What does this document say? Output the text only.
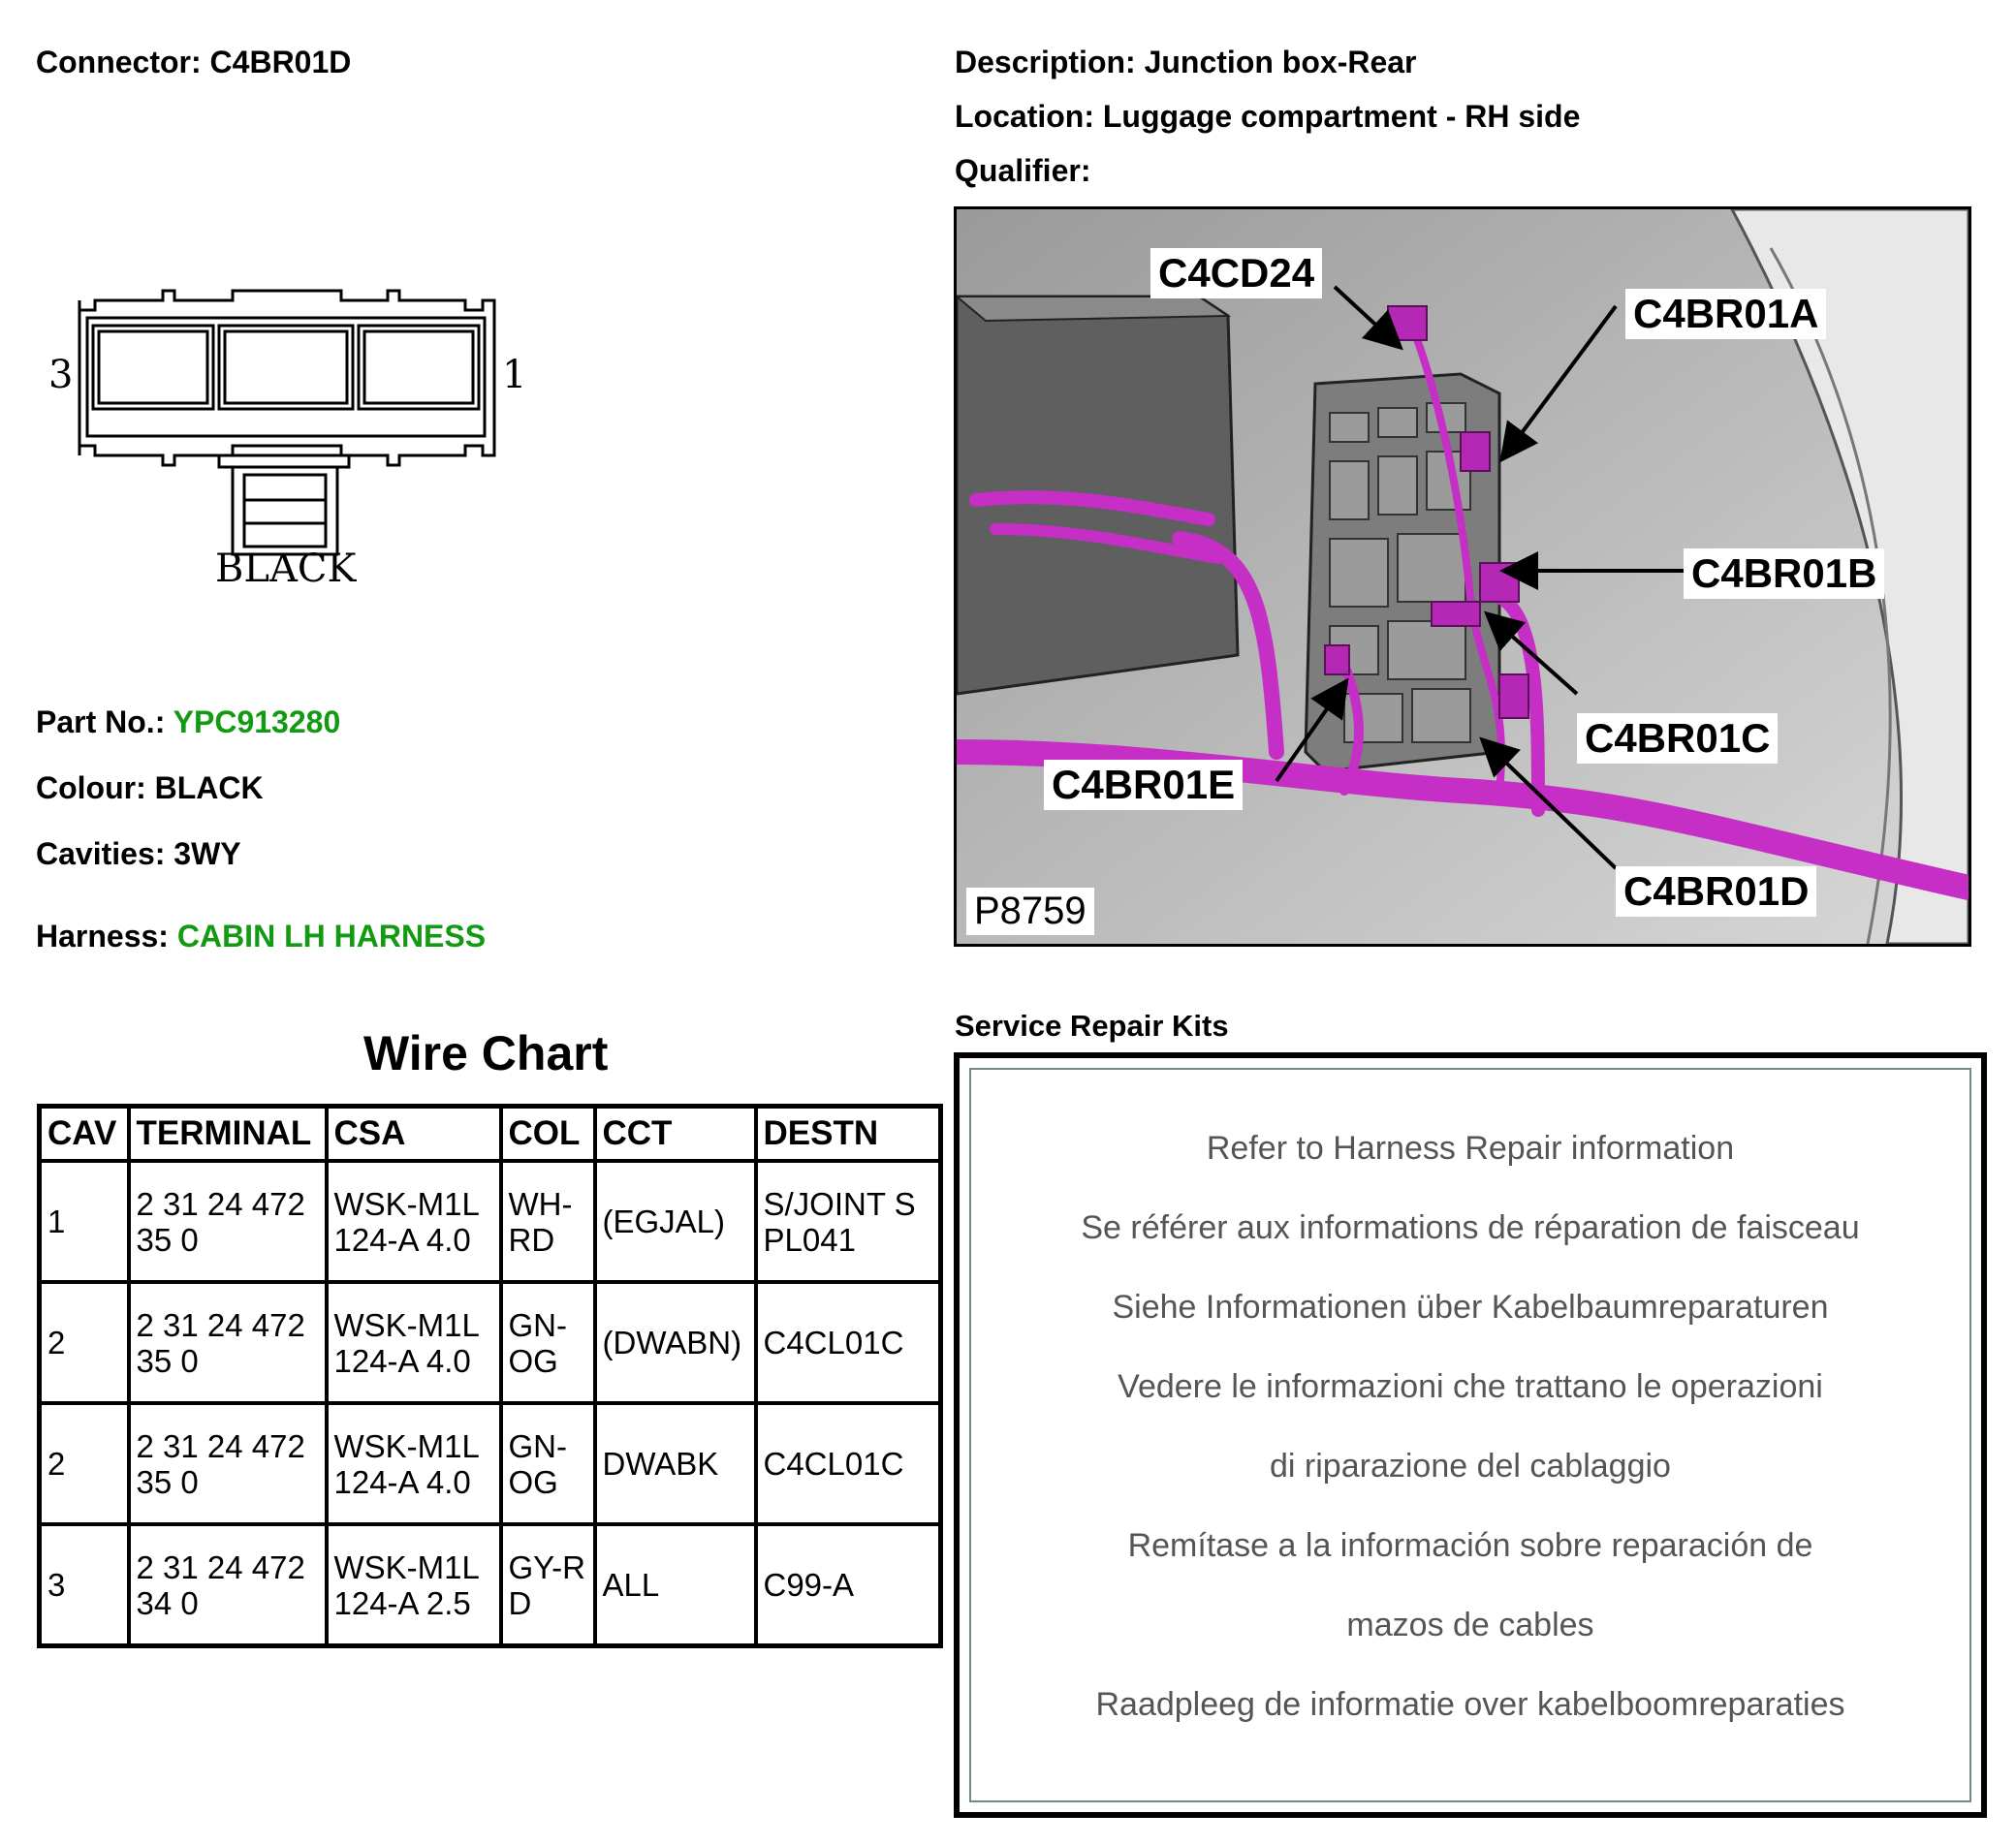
Connector: C4BR01D	Description: Junction box-Rear
Location: Luggage compartment - RH side
Qualifier:
3	1
BLACK
Part No.: YPC913280
Colour: BLACK
Cavities: 3WY
Harness: CABIN LH HARNESS
Wire Chart
CAV	TERMINAL	CSA	COL	CCT	DESTN
1	2 31 24 47235 0	WSK-M1L124-A 4.0	WH-RD	(EGJAL)	S/JOINT SPL041
2	2 31 24 47235 0	WSK-M1L124-A 4.0	GN-OG	(DWABN)	C4CL01C
2	2 31 24 47235 0	WSK-M1L124-A 4.0	GN-OG	DWABK	C4CL01C
3	2 31 24 47234 0	WSK-M1L124-A 2.5	GY-RD	ALL	C99-A
C4CD24
C4BR01A
C4BR01B
C4BR01C
C4BR01E
C4BR01D
P8759
Service Repair Kits
Refer to Harness Repair information
Se référer aux informations de réparation de faisceau
Siehe Informationen über Kabelbaumreparaturen
Vedere le informazioni che trattano le operazioni
di riparazione del cablaggio
Remítase a la información sobre reparación de
mazos de cables
Raadpleeg de informatie over kabelboomreparaties
